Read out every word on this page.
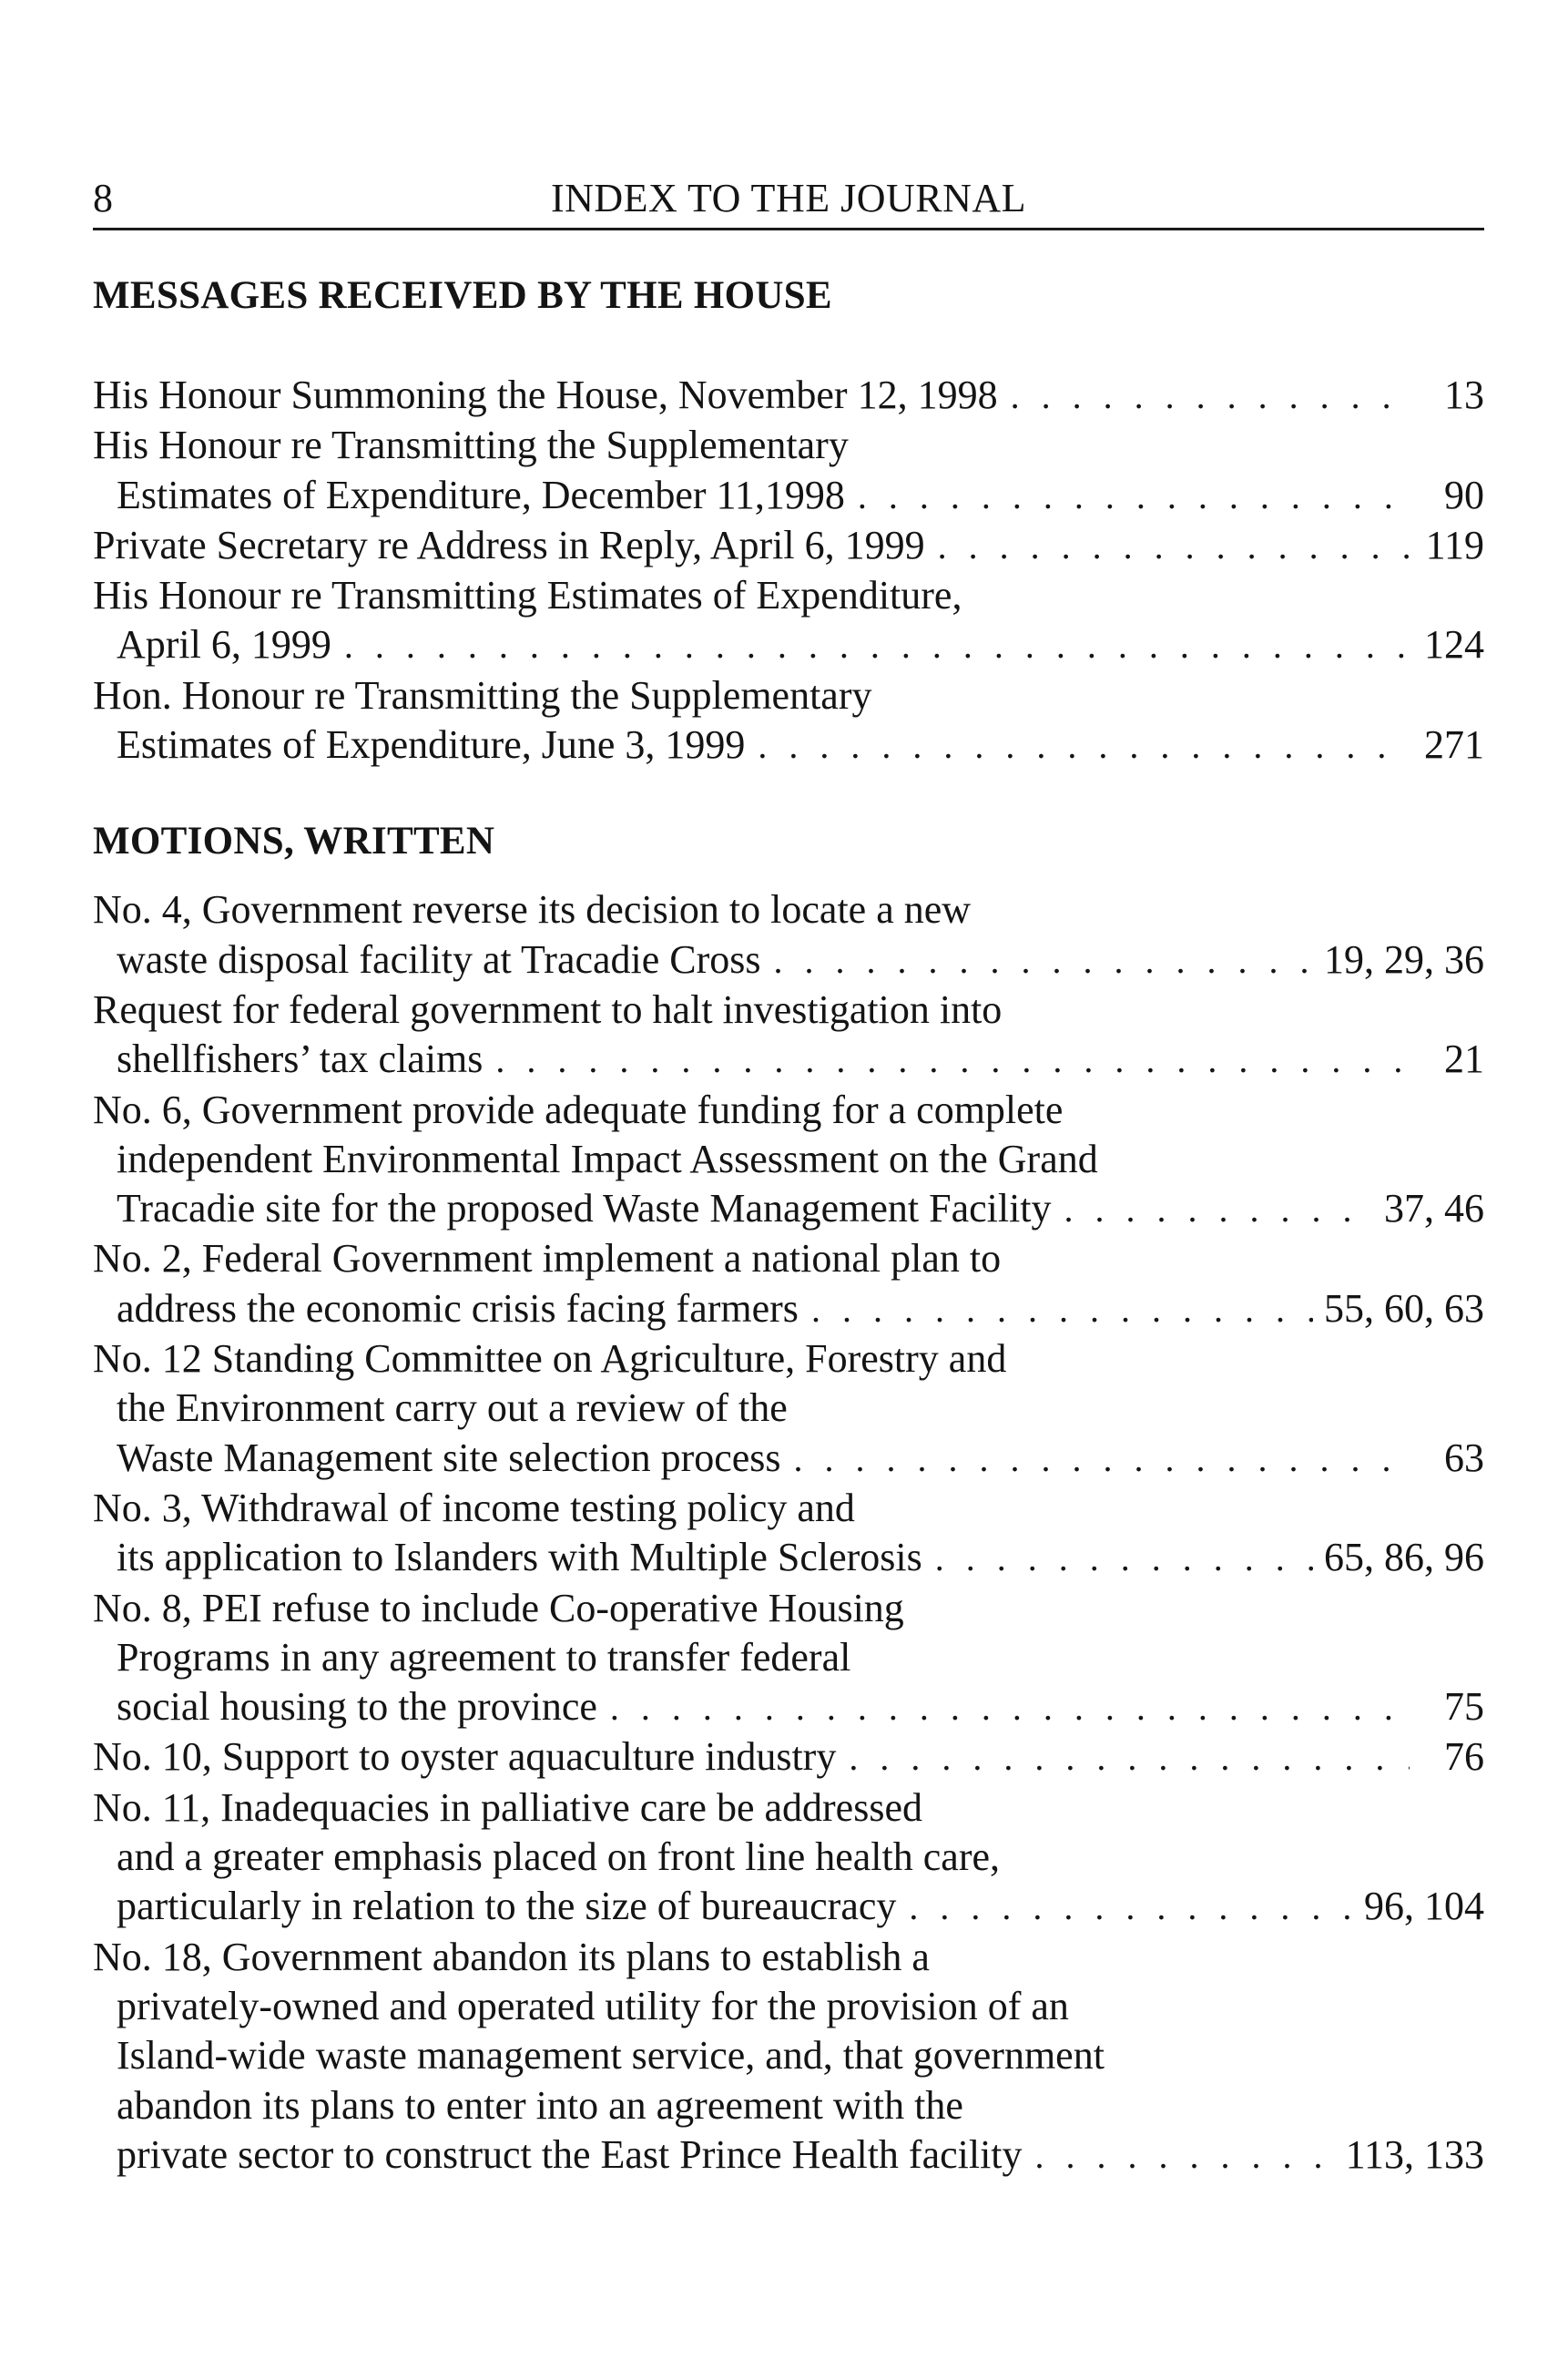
8	INDEX TO THE JOURNAL
MESSAGES RECEIVED BY THE HOUSE
His Honour Summoning the House, November 12, 1998 . . .	13
His Honour re Transmitting the Supplementary
Estimates of Expenditure, December 11,1998 . . .	90
Private Secretary re Address in Reply, April 6, 1999 . . .	119
His Honour re Transmitting Estimates of Expenditure,
April 6, 1999 . . .	124
Hon. Honour re Transmitting the Supplementary
Estimates of Expenditure, June 3, 1999 . . .	271
MOTIONS, WRITTEN
No. 4, Government reverse its decision to locate a new
waste disposal facility at Tracadie Cross . . .	19, 29, 36
Request for federal government to halt investigation into
shellfishers’ tax claims . . .	21
No. 6, Government provide adequate funding for a complete
independent Environmental Impact Assessment on the Grand
Tracadie site for the proposed Waste Management Facility . . .	37, 46
No. 2, Federal Government implement a national plan to
address the economic crisis facing farmers . . .	55, 60, 63
No. 12 Standing Committee on Agriculture, Forestry and
the Environment carry out a review of the
Waste Management site selection process . . .	63
No. 3, Withdrawal of income testing policy and
its application to Islanders with Multiple Sclerosis . . .	65, 86, 96
No. 8, PEI refuse to include Co-operative Housing
Programs in any agreement to transfer federal
social housing to the province . . .	75
No. 10, Support to oyster aquaculture industry . . .	76
No. 11, Inadequacies in palliative care be addressed
and a greater emphasis placed on front line health care,
particularly in relation to the size of bureaucracy . . .	96, 104
No. 18, Government abandon its plans to establish a
privately-owned and operated utility for the provision of an
Island-wide waste management service, and, that government
abandon its plans to enter into an agreement with the
private sector to construct the East Prince Health facility . . .	113, 133
